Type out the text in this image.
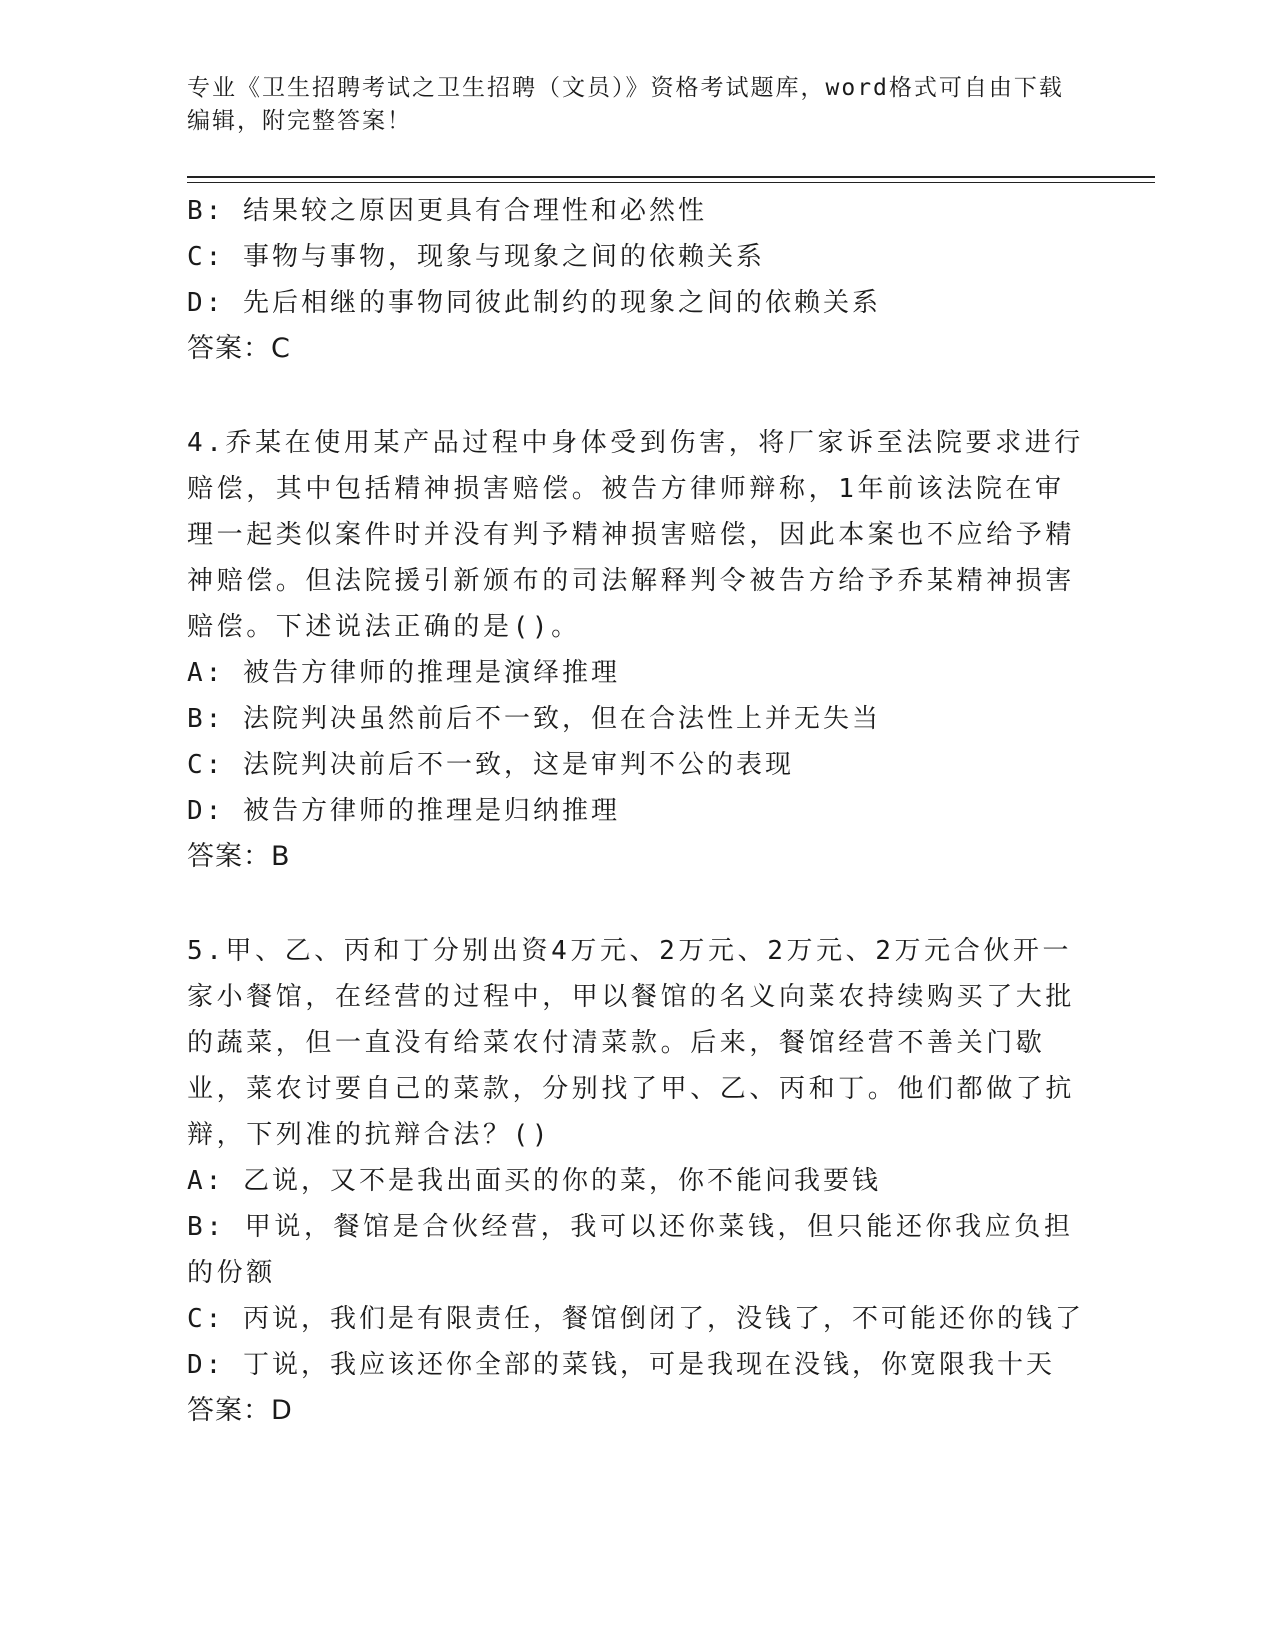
专业《卫生招聘考试之卫生招聘（文员）》资格考试题库，word格式可自由下载
编辑，附完整答案！

B: 结果较之原因更具有合理性和必然性

C: 事物与事物，现象与现象之间的依赖关系

D: 先后相继的事物同彼此制约的现象之间的依赖关系

答案：C

4.乔某在使用某产品过程中身体受到伤害，将厂家诉至法院要求进行赔偿，其中包括精神损害赔偿。被告方律师辩称，1年前该法院在审理一起类似案件时并没有判予精神损害赔偿，因此本案也不应给予精神赔偿。但法院援引新颁布的司法解释判令被告方给予乔某精神损害赔偿。下述说法正确的是()。

A: 被告方律师的推理是演绎推理

B: 法院判决虽然前后不一致，但在合法性上并无失当

C: 法院判决前后不一致，这是审判不公的表现

D: 被告方律师的推理是归纳推理

答案：B

5.甲、乙、丙和丁分别出资4万元、2万元、2万元、2万元合伙开一家小餐馆，在经营的过程中，甲以餐馆的名义向菜农持续购买了大批的蔬菜，但一直没有给菜农付清菜款。后来，餐馆经营不善关门歇业，菜农讨要自己的菜款，分别找了甲、乙、丙和丁。他们都做了抗辩，下列准的抗辩合法？()

A: 乙说，又不是我出面买的你的菜，你不能问我要钱

B: 甲说，餐馆是合伙经营，我可以还你菜钱，但只能还你我应负担的份额

C: 丙说，我们是有限责任，餐馆倒闭了，没钱了，不可能还你的钱了

D: 丁说，我应该还你全部的菜钱，可是我现在没钱，你宽限我十天

答案：D
